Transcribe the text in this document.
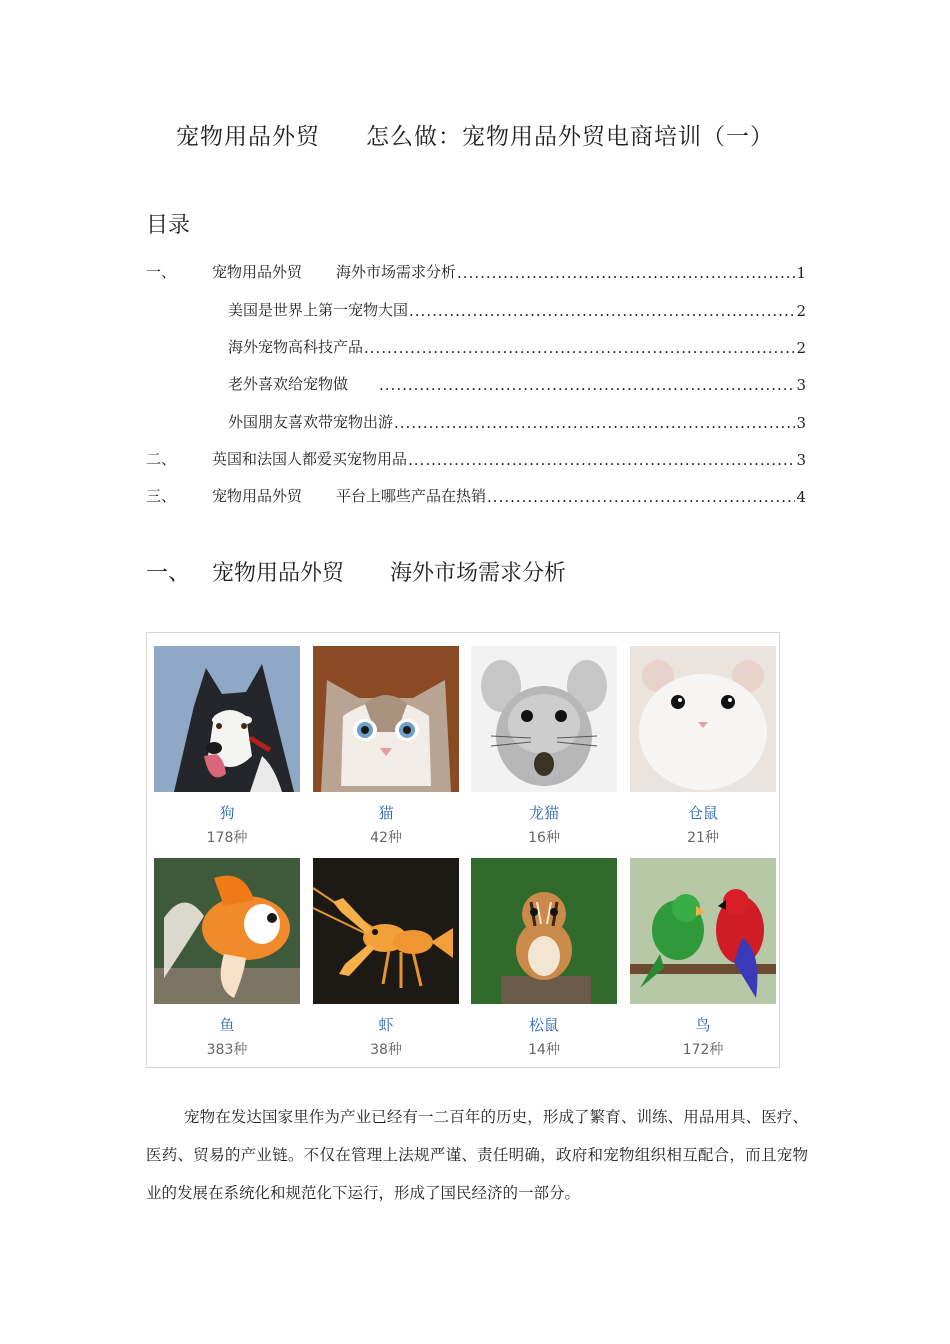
宠物用品外贸 怎么做：宠物用品外贸电商培训（一）
目录
一、	宠物用品外贸 海外市场需求分析 .....	1
美国是世界上第一宠物大国 .....	2
海外宠物高科技产品 .....	2
老外喜欢给宠物做 .....	3
外国朋友喜欢带宠物出游 .....	3
二、	英国和法国人都爱买宠物用品 .....	3
三、	宠物用品外贸 平台上哪些产品在热销 .....	4
一、 宠物用品外贸 海外市场需求分析
狗
178种
猫
42种
龙猫
16种
仓鼠
21种
鱼
383种
虾
38种
松鼠
14种
鸟
172种
宠物在发达国家里作为产业已经有一二百年的历史，形成了繁育、训练、用品用具、医疗、医药、贸易的产业链。不仅在管理上法规严谨、责任明确，政府和宠物组织相互配合，而且宠物业的发展在系统化和规范化下运行，形成了国民经济的一部分。
